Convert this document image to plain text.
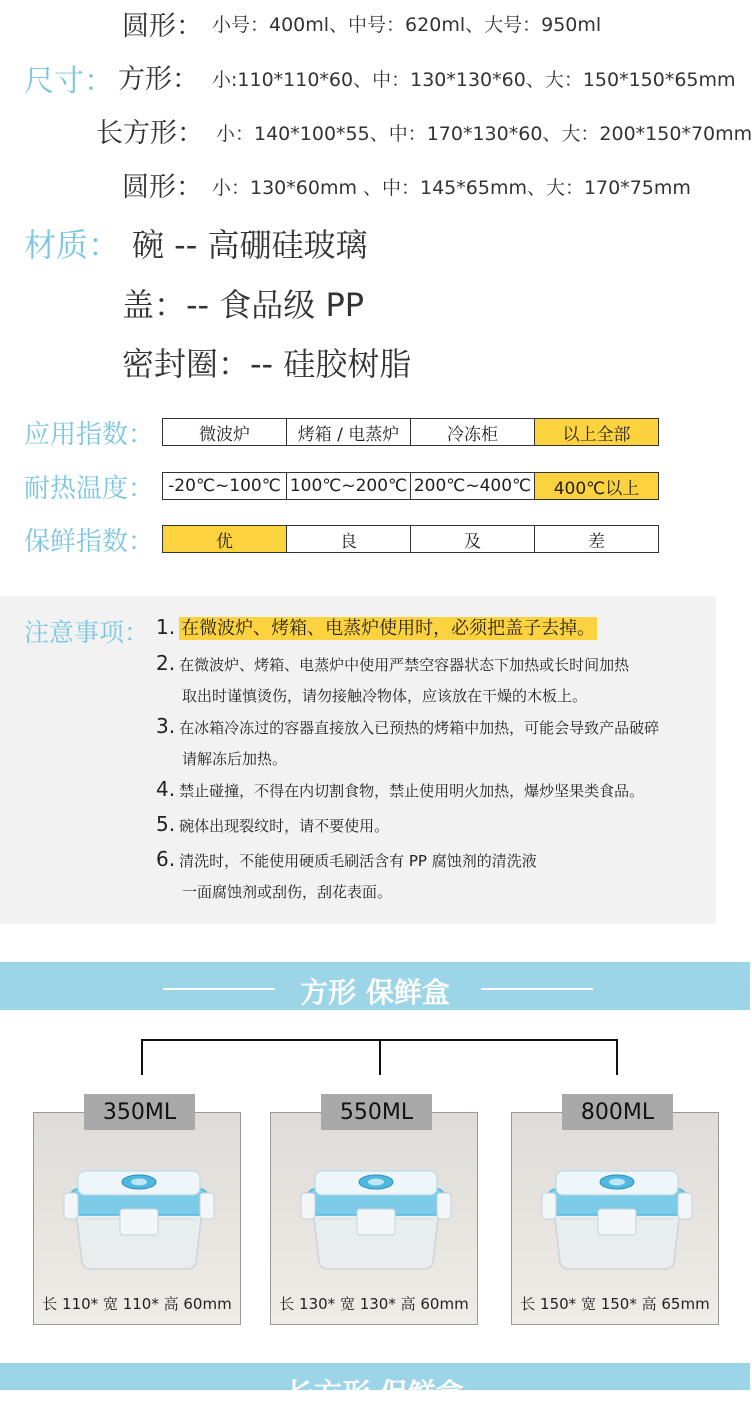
圆形： 小号：400ml、中号：620ml、大号：950ml
尺寸： 方形： 小:110*110*60、中：130*130*60、大：150*150*65mm
长方形： 小：140*100*55、中：170*130*60、大：200*150*70mm
圆形： 小：130*60mm 、中：145*65mm、大：170*75mm
材质： 碗 -- 高硼硅玻璃
盖：-- 食品级 PP
密封圈：-- 硅胶树脂
应用指数：	微波炉	烤箱 / 电蒸炉	冷冻柜	以上全部
耐热温度： -20℃~100℃ 100℃~200℃ 200℃~400℃	400℃以上
保鲜指数：	优	良	及	差
注意事项： 1. 在微波炉、烤箱、电蒸炉使用时，必须把盖子去掉。
2. 在微波炉、烤箱、电蒸炉中使用严禁空容器状态下加热或长时间加热
取出时谨慎烫伤，请勿接触冷物体，应该放在干燥的木板上。
3. 在冰箱冷冻过的容器直接放入已预热的烤箱中加热，可能会导致产品破碎
请解冻后加热。
4. 禁止碰撞，不得在内切割食物，禁止使用明火加热，爆炒坚果类食品。
5. 碗体出现裂纹时，请不要使用。
6. 清洗时，不能使用硬质毛刷活含有 PP 腐蚀剂的清洗液
一面腐蚀剂或刮伤，刮花表面。
方形 保鲜盒
长 110* 宽 110* 高 60mm
350ML
长 130* 宽 130* 高 60mm
550ML
长 150* 宽 150* 高 65mm
800ML
长方形 保鲜盒
